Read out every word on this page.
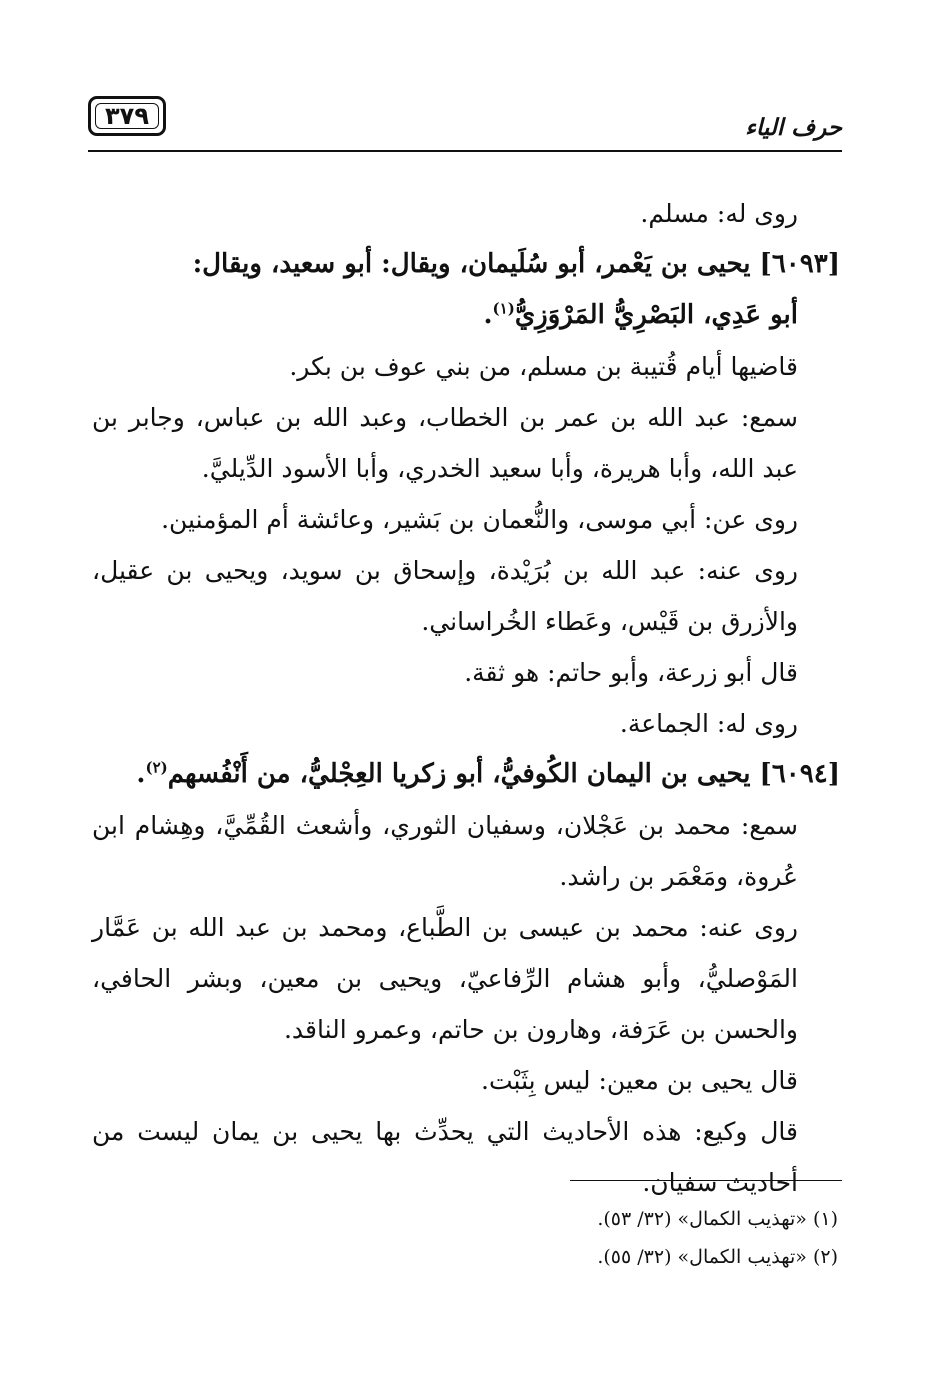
٣٧٩	حرف الياء

روى له: مسلم.

[٦٠٩٣] يحيى بن يَعْمر، أبو سُلَيمان، ويقال: أبو سعيد، ويقال:

أبو عَدِي، البَصْرِيُّ المَرْوَزِيُّ$^{(١)}$.

قاضيها أيام قُتيبة بن مسلم، من بني عوف بن بكر.

سمع: عبد الله بن عمر بن الخطاب، وعبد الله بن عباس، وجابر بن عبد الله، وأبا هريرة، وأبا سعيد الخدري، وأبا الأسود الدِّيليَّ.

روى عن: أبي موسى، والنُّعمان بن بَشير، وعائشة أم المؤمنين.

روى عنه: عبد الله بن بُرَيْدة، وإسحاق بن سويد، ويحيى بن عقيل، والأزرق بن قَيْس، وعَطاء الخُراساني.

قال أبو زرعة، وأبو حاتم: هو ثقة.

روى له: الجماعة.

[٦٠٩٤] يحيى بن اليمان الكُوفيُّ، أبو زكريا العِجْليُّ، من أَنْفُسهم$^{(٢)}$.

سمع: محمد بن عَجْلان، وسفيان الثوري، وأشعث القُمِّيَّ، وهِشام ابن عُروة، ومَعْمَر بن راشد.

روى عنه: محمد بن عيسى بن الطَّباع، ومحمد بن عبد الله بن عَمَّار المَوْصليُّ، وأبو هشام الرِّفاعيّ، ويحيى بن معين، وبشر الحافي، والحسن بن عَرَفة، وهارون بن حاتم، وعمرو الناقد.

قال يحيى بن معين: ليس بِثَبْت.

قال وكيع: هذه الأحاديث التي يحدِّث بها يحيى بن يمان ليست من أحاديث سفيان.

(١) «تهذيب الكمال» (٣٢/ ٥٣).

(٢) «تهذيب الكمال» (٣٢/ ٥٥).
